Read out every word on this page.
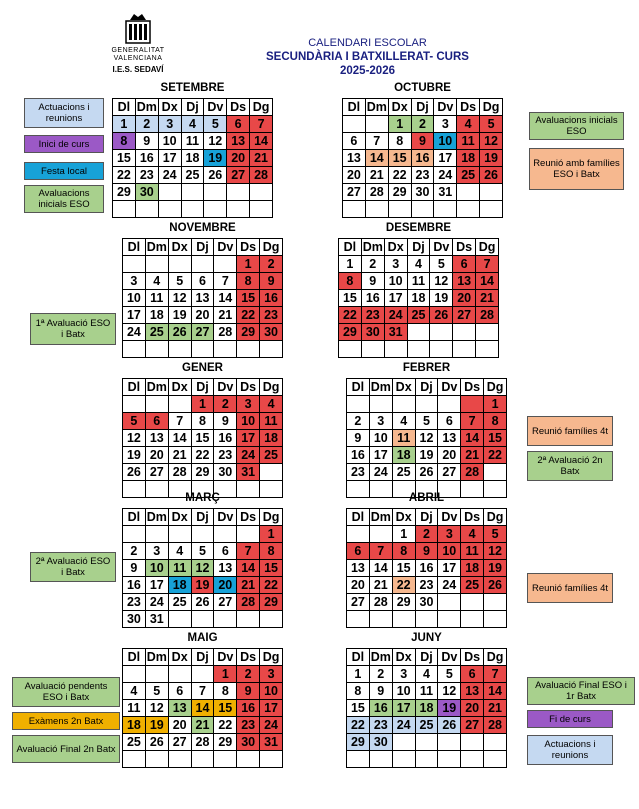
GENERALITAT
VALENCIANA
I.E.S. SEDAVÍ
CALENDARI ESCOLAR
SECUNDÀRIA I BATXILLERAT- CURS
2025-2026
SETEMBRE
Dl	Dm	Dx	Dj	Dv	Ds	Dg
1	2	3	4	5	6	7
8	9	10	11	12	13	14
15	16	17	18	19	20	21
22	23	24	25	26	27	28
29	30					

OCTUBRE
Dl	Dm	Dx	Dj	Dv	Ds	Dg
		1	2	3	4	5
6	7	8	9	10	11	12
13	14	15	16	17	18	19
20	21	22	23	24	25	26
27	28	29	30	31		

NOVEMBRE
Dl	Dm	Dx	Dj	Dv	Ds	Dg
					1	2
3	4	5	6	7	8	9
10	11	12	13	14	15	16
17	18	19	20	21	22	23
24	25	26	27	28	29	30

DESEMBRE
Dl	Dm	Dx	Dj	Dv	Ds	Dg
1	2	3	4	5	6	7
8	9	10	11	12	13	14
15	16	17	18	19	20	21
22	23	24	25	26	27	28
29	30	31				

GENER
Dl	Dm	Dx	Dj	Dv	Ds	Dg
			1	2	3	4
5	6	7	8	9	10	11
12	13	14	15	16	17	18
19	20	21	22	23	24	25
26	27	28	29	30	31	

FEBRER
Dl	Dm	Dx	Dj	Dv	Ds	Dg
						1
2	3	4	5	6	7	8
9	10	11	12	13	14	15
16	17	18	19	20	21	22
23	24	25	26	27	28	

MARÇ
Dl	Dm	Dx	Dj	Dv	Ds	Dg
						1
2	3	4	5	6	7	8
9	10	11	12	13	14	15
16	17	18	19	20	21	22
23	24	25	26	27	28	29
30	31					
ABRIL
Dl	Dm	Dx	Dj	Dv	Ds	Dg
		1	2	3	4	5
6	7	8	9	10	11	12
13	14	15	16	17	18	19
20	21	22	23	24	25	26
27	28	29	30			

MAIG
Dl	Dm	Dx	Dj	Dv	Ds	Dg
				1	2	3
4	5	6	7	8	9	10
11	12	13	14	15	16	17
18	19	20	21	22	23	24
25	26	27	28	29	30	31

JUNY
Dl	Dm	Dx	Dj	Dv	Ds	Dg
1	2	3	4	5	6	7
8	9	10	11	12	13	14
15	16	17	18	19	20	21
22	23	24	25	26	27	28
29	30					

Actuacions i reunions
Inici de curs
Festa local
Avaluacions inicials ESO
Avaluacions inicials ESO
Reunió amb famílies ESO i Batx
1ª Avaluació ESO i Batx
Reunió famílies 4t
2ª Avaluació 2n Batx
2ª Avaluació ESO i Batx
Reunió famílies 4t
Avaluació pendents ESO i Batx
Exàmens 2n Batx
Avaluació Final 2n Batx
Avaluació Final ESO i 1r Batx
Fi de curs
Actuacions i reunions
